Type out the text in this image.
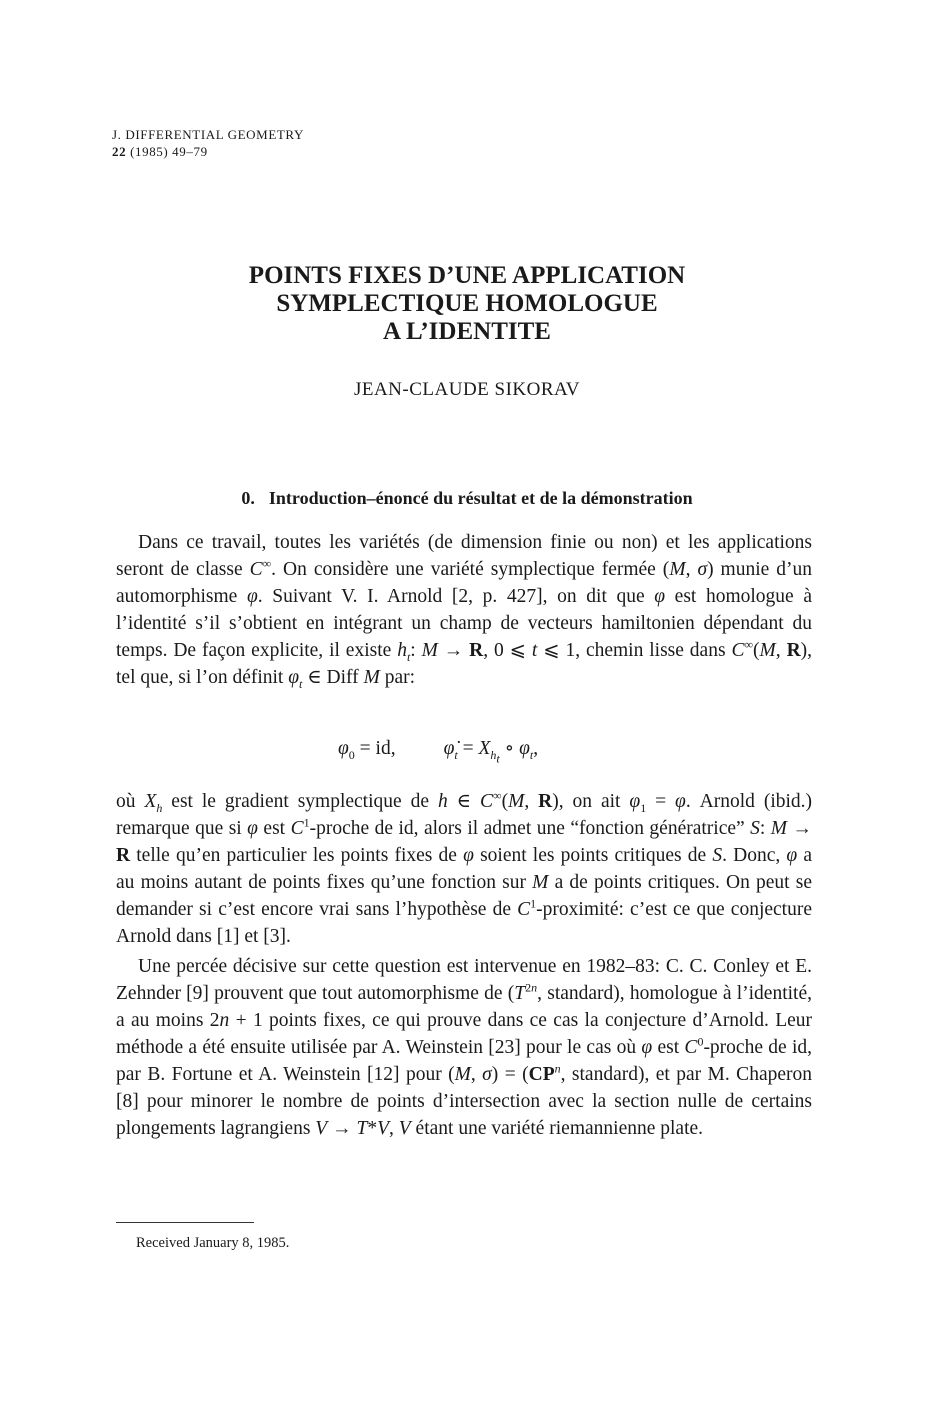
J. DIFFERENTIAL GEOMETRY
22 (1985) 49–79
POINTS FIXES D’UNE APPLICATION
SYMPLECTIQUE HOMOLOGUE
A L’IDENTITE
JEAN-CLAUDE SIKORAV
0. Introduction–énoncé du résultat et de la démonstration
Dans ce travail, toutes les variétés (de dimension finie ou non) et les applications seront de classe C∞. On considère une variété symplectique fermée (M, σ) munie d’un automorphisme φ. Suivant V. I. Arnold [2, p. 427], on dit que φ est homologue à l’identité s’il s’obtient en intégrant un champ de vecteurs hamiltonien dépendant du temps. De façon explicite, il existe $h_t$: M → R, 0 ⩽ t ⩽ 1, chemin lisse dans C∞(M, R), tel que, si l’on définit $\varphi_t$ ∈ Diff M par:
$\varphi_0$ = id, $\varphi̇_t = X_{h_t}$ ∘ $\varphi_t$,
où $X_h$ est le gradient symplectique de h ∈ C∞(M, R), on ait $\varphi_1 = \varphi$. Arnold (ibid.) remarque que si φ est $C^1$-proche de id, alors il admet une “fonction génératrice” S: M → R telle qu’en particulier les points fixes de φ soient les points critiques de S. Donc, φ a au moins autant de points fixes qu’une fonction sur M a de points critiques. On peut se demander si c’est encore vrai sans l’hypothèse de $C^1$-proximité: c’est ce que conjecture Arnold dans [1] et [3].
Une percée décisive sur cette question est intervenue en 1982–83: C. C. Conley et E. Zehnder [9] prouvent que tout automorphisme de ($T^{2n}$, standard), homologue à l’identité, a au moins 2n + 1 points fixes, ce qui prouve dans ce cas la conjecture d’Arnold. Leur méthode a été ensuite utilisée par A. Weinstein [23] pour le cas où φ est $C^0$-proche de id, par B. Fortune et A. Weinstein [12] pour (M, $\sigma) = (CP^n$, standard), et par M. Chaperon [8] pour minorer le nombre de points d’intersection avec la section nulle de certains plongements lagrangiens V → T*V, V étant une variété riemannienne plate.
Received January 8, 1985.
